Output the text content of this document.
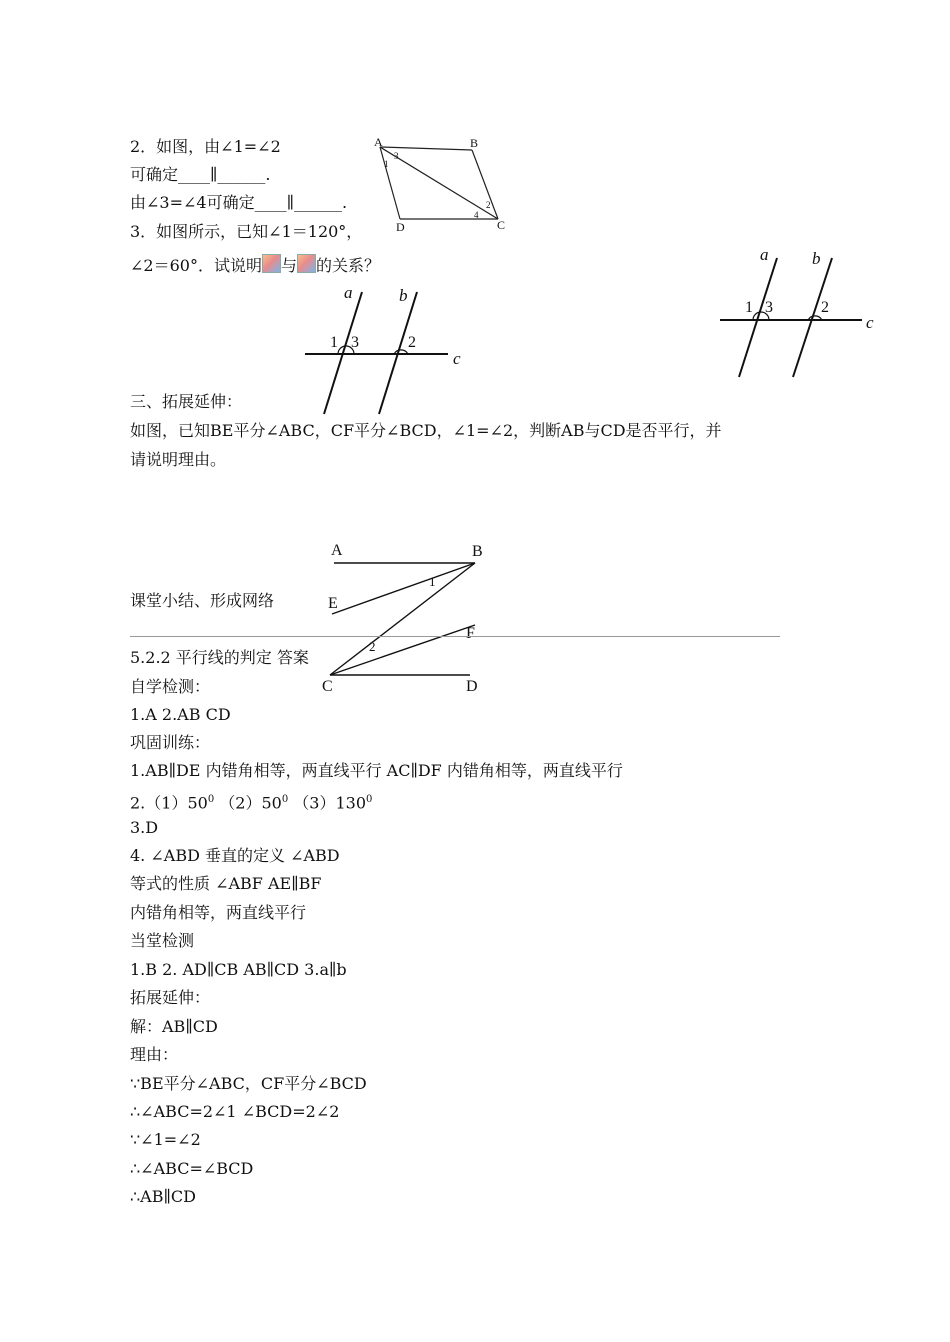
2．如图，由∠1=∠2
可确定____∥______.
由∠3=∠4可确定____∥______.
A	B
C
D
1
3
2
4
3．如图所示，已知∠1＝120°，
∠2＝60°．试说明 与 的关系？
a	b
c
1 3	2
a	b
c
1 3	2
三、拓展延伸：
如图，已知BE平分∠ABC，CF平分∠BCD，∠1=∠2，判断AB与CD是否平行，并
请说明理由。
A	B
E
F
C	D
1
2
课堂小结、形成网络
5.2.2 平行线的判定 答案
自学检测：
1.A 2.AB CD
巩固训练：
1.AB∥DE 内错角相等，两直线平行 AC∥DF 内错角相等，两直线平行
$2.(1)50^0$ $(2)50^0$ $(3)130^0$
3.D
4. ∠ABD 垂直的定义 ∠ABD
等式的性质 ∠ABF AE∥BF
内错角相等，两直线平行
当堂检测
1.B 2. AD∥CB AB∥CD 3.a∥b
拓展延伸：
解：AB∥CD
理由：
∵BE平分∠ABC，CF平分∠BCD
∴∠ABC=2∠1 ∠BCD=2∠2
∵∠1=∠2
∴∠ABC=∠BCD
∴AB∥CD
